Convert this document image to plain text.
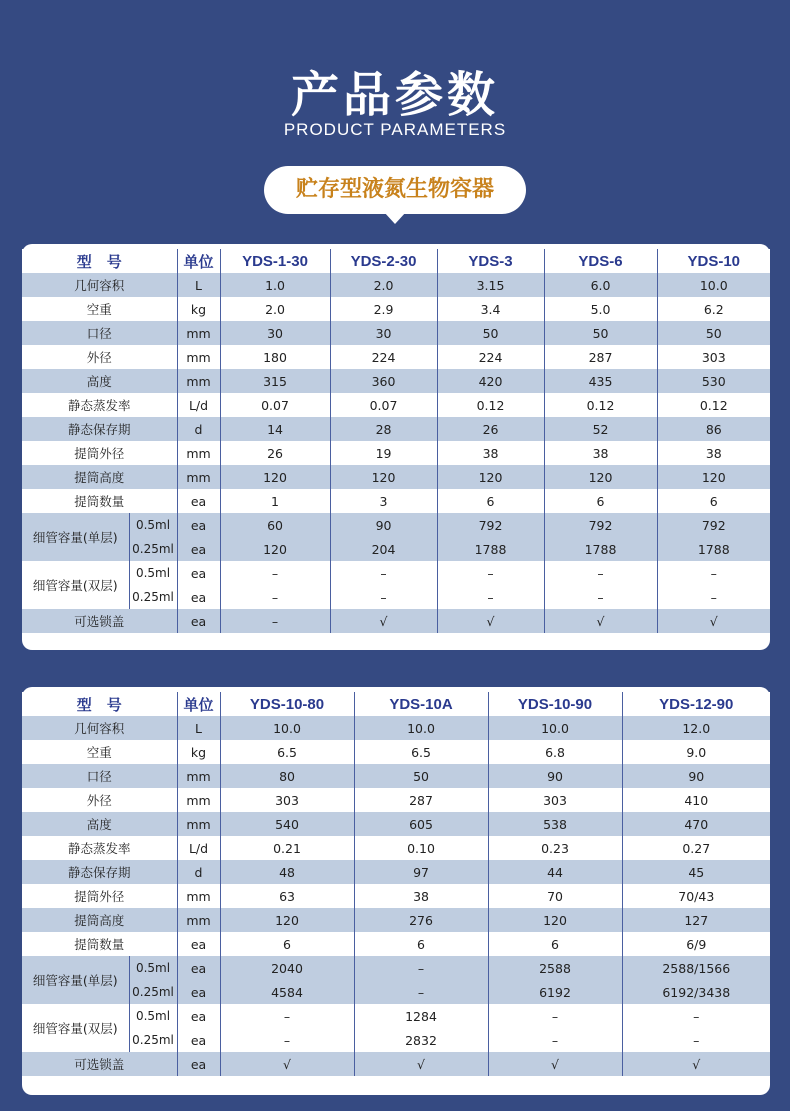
产品参数
PRODUCT PARAMETERS
贮存型液氮生物容器
型　号		单位	YDS-1-30	YDS-2-30	YDS-3	YDS-6	YDS-10
几何容积		L	1.0	2.0	3.15	6.0	10.0
空重		kg	2.0	2.9	3.4	5.0	6.2
口径		mm	30	30	50	50	50
外径		mm	180	224	224	287	303
高度		mm	315	360	420	435	530
静态蒸发率		L/d	0.07	0.07	0.12	0.12	0.12
静态保存期		d	14	28	26	52	86
提筒外径		mm	26	19	38	38	38
提筒高度		mm	120	120	120	120	120
提筒数量		ea	1	3	6	6	6
细管容量(单层)	0.5ml	ea	60	90	792	792	792
	0.25ml	ea	120	204	1788	1788	1788
细管容量(双层)	0.5ml	ea	–	–	–	–	–
	0.25ml	ea	–	–	–	–	–
可选锁盖		ea	–	√	√	√	√
型　号		单位	YDS-10-80	YDS-10A	YDS-10-90	YDS-12-90
几何容积		L	10.0	10.0	10.0	12.0
空重		kg	6.5	6.5	6.8	9.0
口径		mm	80	50	90	90
外径		mm	303	287	303	410
高度		mm	540	605	538	470
静态蒸发率		L/d	0.21	0.10	0.23	0.27
静态保存期		d	48	97	44	45
提筒外径		mm	63	38	70	70/43
提筒高度		mm	120	276	120	127
提筒数量		ea	6	6	6	6/9
细管容量(单层)	0.5ml	ea	2040	–	2588	2588/1566
	0.25ml	ea	4584	–	6192	6192/3438
细管容量(双层)	0.5ml	ea	–	1284	–	–
	0.25ml	ea	–	2832	–	–
可选锁盖		ea	√	√	√	√
